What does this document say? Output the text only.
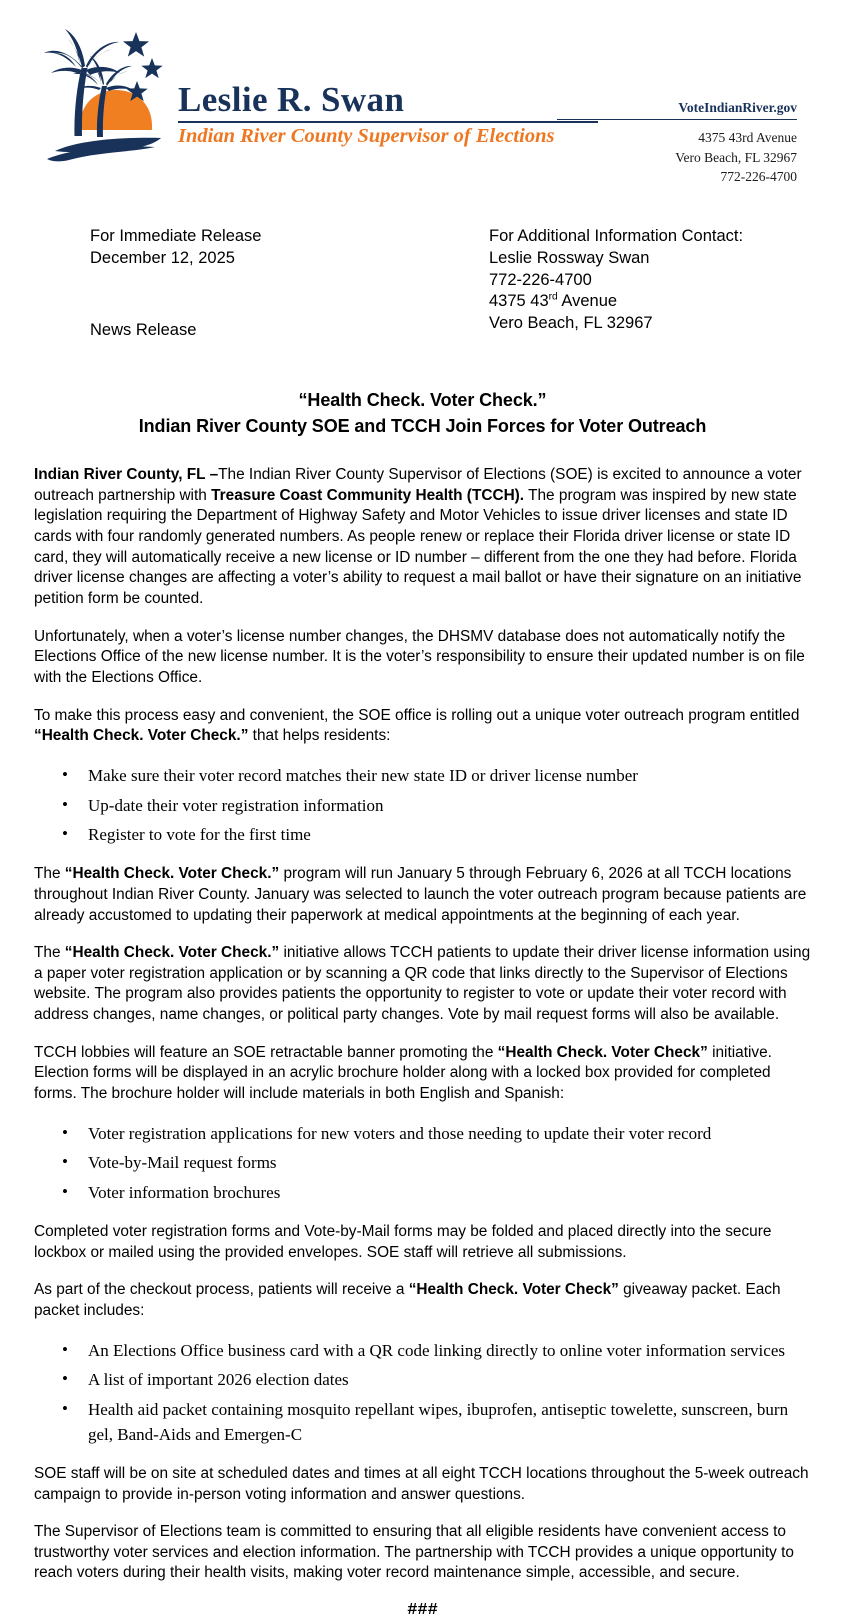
Leslie R. Swan
Indian River County Supervisor of Elections
VoteIndianRiver.gov
4375 43rd Avenue
Vero Beach, FL 32967
772-226-4700
For Immediate Release
December 12, 2025
News Release
For Additional Information Contact:
Leslie Rossway Swan
772-226-4700
4375 43rd Avenue
Vero Beach, FL 32967
“Health Check. Voter Check.”
Indian River County SOE and TCCH Join Forces for Voter Outreach

Indian River County, FL –The Indian River County Supervisor of Elections (SOE) is excited to announce a voter outreach partnership with Treasure Coast Community Health (TCCH). The program was inspired by new state legislation requiring the Department of Highway Safety and Motor Vehicles to issue driver licenses and state ID cards with four randomly generated numbers. As people renew or replace their Florida driver license or state ID card, they will automatically receive a new license or ID number – different from the one they had before. Florida driver license changes are affecting a voter’s ability to request a mail ballot or have their signature on an initiative petition form be counted.

Unfortunately, when a voter’s license number changes, the DHSMV database does not automatically notify the Elections Office of the new license number. It is the voter’s responsibility to ensure their updated number is on file with the Elections Office.

To make this process easy and convenient, the SOE office is rolling out a unique voter outreach program entitled “Health Check. Voter Check.” that helps residents:

• Make sure their voter record matches their new state ID or driver license number
• Up-date their voter registration information
• Register to vote for the first time

The “Health Check. Voter Check.” program will run January 5 through February 6, 2026 at all TCCH locations throughout Indian River County. January was selected to launch the voter outreach program because patients are already accustomed to updating their paperwork at medical appointments at the beginning of each year.

The “Health Check. Voter Check.” initiative allows TCCH patients to update their driver license information using a paper voter registration application or by scanning a QR code that links directly to the Supervisor of Elections website. The program also provides patients the opportunity to register to vote or update their voter record with address changes, name changes, or political party changes. Vote by mail request forms will also be available.

TCCH lobbies will feature an SOE retractable banner promoting the “Health Check. Voter Check” initiative. Election forms will be displayed in an acrylic brochure holder along with a locked box provided for completed forms. The brochure holder will include materials in both English and Spanish:

• Voter registration applications for new voters and those needing to update their voter record
• Vote-by-Mail request forms
• Voter information brochures

Completed voter registration forms and Vote-by-Mail forms may be folded and placed directly into the secure lockbox or mailed using the provided envelopes. SOE staff will retrieve all submissions.

As part of the checkout process, patients will receive a “Health Check. Voter Check” giveaway packet. Each packet includes:

• An Elections Office business card with a QR code linking directly to online voter information services
• A list of important 2026 election dates
• Health aid packet containing mosquito repellant wipes, ibuprofen, antiseptic towelette, sunscreen, burn gel, Band-Aids and Emergen-C

SOE staff will be on site at scheduled dates and times at all eight TCCH locations throughout the 5-week outreach campaign to provide in-person voting information and answer questions.

The Supervisor of Elections team is committed to ensuring that all eligible residents have convenient access to trustworthy voter services and election information. The partnership with TCCH provides a unique opportunity to reach voters during their health visits, making voter record maintenance simple, accessible, and secure.

###
